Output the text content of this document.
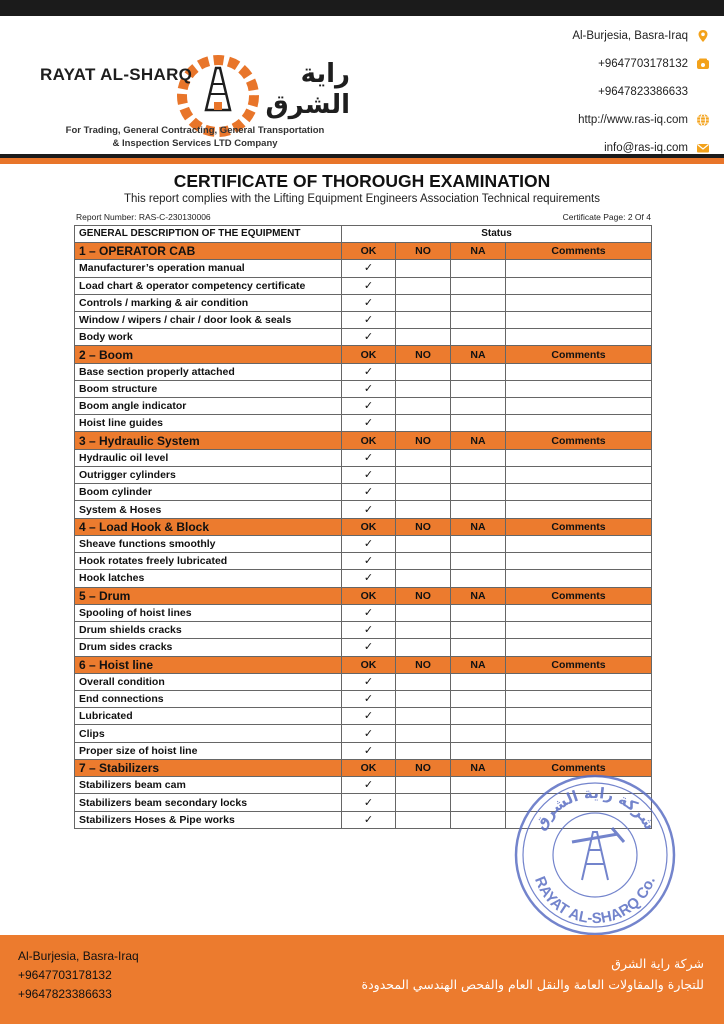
RAYAT AL-SHARQ	راية الشرق
For Trading, General Contracting, General Transportation
& Inspection Services LTD Company
Al-Burjesia, Basra-Iraq
+9647703178132
+9647823386633
http://www.ras-iq.com
info@ras-iq.com
CERTIFICATE OF THOROUGH EXAMINATION
This report complies with the Lifting Equipment Engineers Association Technical requirements
Report Number: RAS-C-230130006	Certificate Page: 2 Of 4
GENERAL DESCRIPTION OF THE EQUIPMENT	Status			
1 – OPERATOR CAB	OK	NO	NA	Comments
Manufacturer’s operation manual	✓			
Load chart & operator competency certificate	✓			
Controls / marking & air condition	✓			
Window / wipers / chair / door look & seals	✓			
Body work	✓			
2 – Boom	OK	NO	NA	Comments
Base section properly attached	✓			
Boom structure	✓			
Boom angle indicator	✓			
Hoist line guides	✓			
3 – Hydraulic System	OK	NO	NA	Comments
Hydraulic oil level	✓			
Outrigger cylinders	✓			
Boom cylinder	✓			
System & Hoses	✓			
4 – Load Hook & Block	OK	NO	NA	Comments
Sheave functions smoothly	✓			
Hook rotates freely lubricated	✓			
Hook latches	✓			
5 – Drum	OK	NO	NA	Comments
Spooling of hoist lines	✓			
Drum shields cracks	✓			
Drum sides cracks	✓			
6 – Hoist line	OK	NO	NA	Comments
Overall condition	✓			
End connections	✓			
Lubricated	✓			
Clips	✓			
Proper size of hoist line	✓			
7 – Stabilizers	OK	NO	NA	Comments
Stabilizers beam cam	✓			
Stabilizers beam secondary locks	✓			
Stabilizers Hoses & Pipe works	✓				شركة راية الشرق
RAYAT AL-SHARQ Co.
Al-Burjesia, Basra-Iraq
+9647703178132
+9647823386633
شركة راية الشرق
للتجارة والمقاولات العامة والنقل العام والفحص الهندسي المحدودة
